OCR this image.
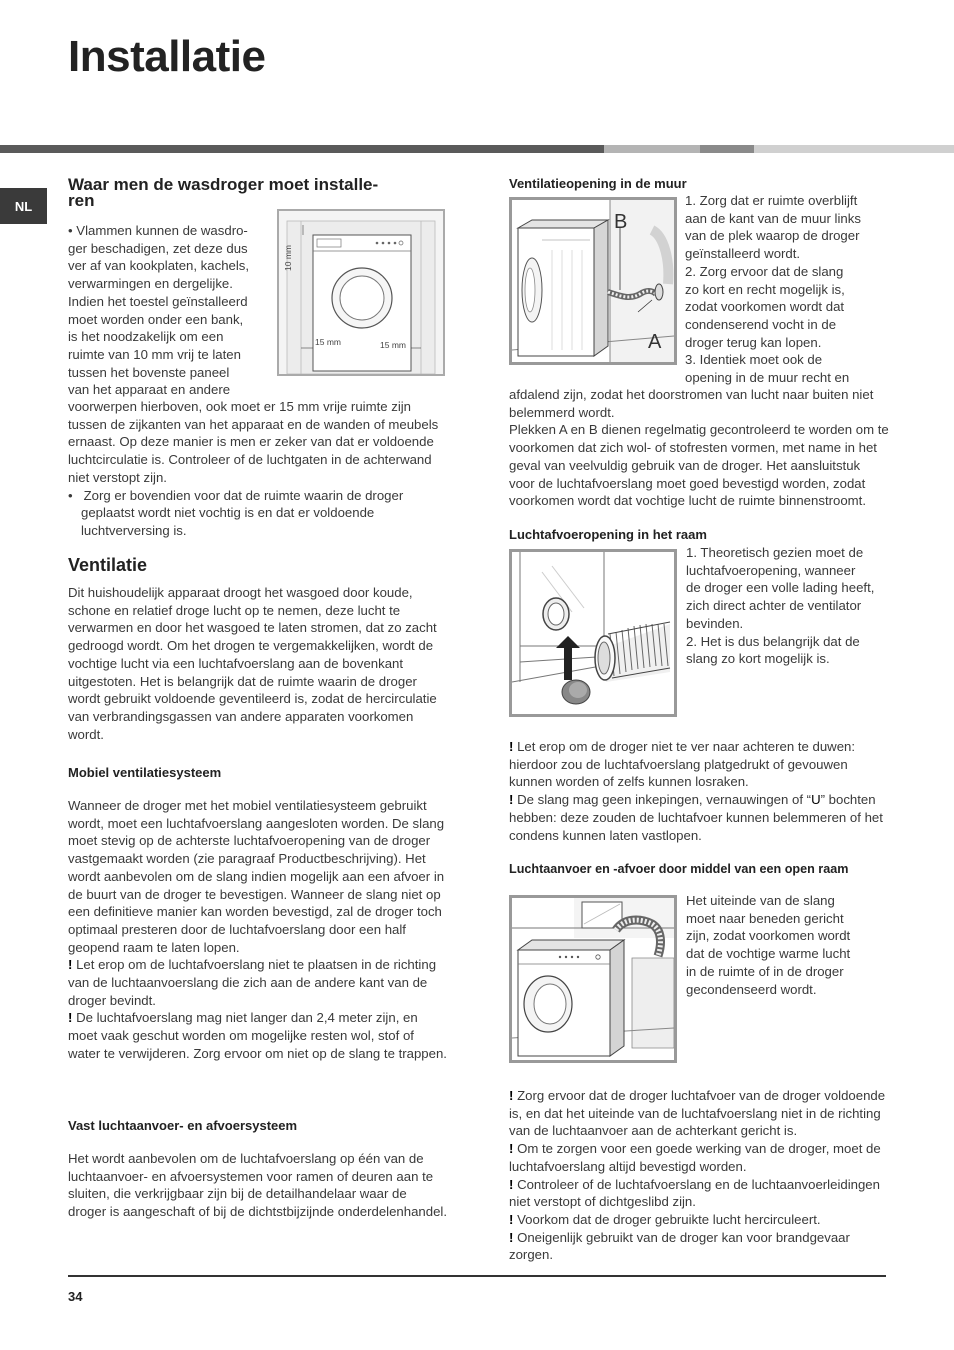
Installatie
NL

Waar men de wasdroger moet installe-
ren

• Vlammen kunnen de wasdro-

ger beschadigen, zet deze dus

ver af van kookplaten, kachels,

verwarmingen en dergelijke.

Indien het toestel geïnstalleerd

moet worden onder een bank,

is het noodzakelijk om een

ruimte van 10 mm vrij te laten

tussen het bovenste paneel

van het apparaat en andere

10 mm
15 mm	15 mm

voorwerpen hierboven, ook moet er 15 mm vrije ruimte zijn tussen de zijkanten van het apparaat en de wanden of meubels ernaast. Op deze manier is men er zeker van dat er voldoende luchtcirculatie is. Controleer of de luchtgaten in de achterwand niet verstopt zijn.

•   Zorg er bovendien voor dat de ruimte waarin de droger geplaatst wordt niet vochtig is en dat er voldoende luchtverversing is.

Ventilatie

Dit huishoudelijk apparaat droogt het wasgoed door koude, schone en relatief droge lucht op te nemen, deze lucht te verwarmen en door het wasgoed te laten stromen, dat zo zacht gedroogd wordt. Om het drogen te vergemakkelijken, wordt de vochtige lucht via een luchtafvoerslang aan de bovenkant uitgestoten. Het is belangrijk dat de ruimte waarin de droger wordt gebruikt voldoende geventileerd is, zodat de hercirculatie van verbrandingsgassen van andere apparaten voorkomen wordt.

Mobiel ventilatiesysteem

Wanneer de droger met het mobiel ventilatiesysteem gebruikt wordt, moet een luchtafvoerslang aangesloten worden. De slang moet stevig op de achterste luchtafvoeropening van de droger vastgemaakt worden (zie paragraaf Productbeschrijving). Het wordt aanbevolen om de slang indien mogelijk aan een afvoer in de buurt van de droger te bevestigen. Wanneer de slang niet op een definitieve manier kan worden bevestigd, zal de droger toch optimaal presteren door de luchtafvoerslang door een half geopend raam te laten lopen.

! Let erop om de luchtafvoerslang niet te plaatsen in de richting van de luchtaanvoerslang die zich aan de andere kant van de droger bevindt.

! De luchtafvoerslang mag niet langer dan 2,4 meter zijn, en moet vaak geschut worden om mogelijke resten wol, stof of water te verwijderen. Zorg ervoor om niet op de slang te trappen.

Vast luchtaanvoer- en afvoersysteem

Het wordt aanbevolen om de luchtafvoerslang op één van de luchtaanvoer- en afvoersystemen voor ramen of deuren aan te sluiten, die verkrijgbaar zijn bij de detailhandelaar waar de droger is aangeschaft of bij de dichtstbijzijnde onderdelenhandel.

Ventilatieopening in de muur

B
A

1. Zorg dat er ruimte overblijft

aan de kant van de muur links

van de plek waarop de droger

geïnstalleerd wordt.

2. Zorg ervoor dat de slang

zo kort en recht mogelijk is,

zodat voorkomen wordt dat

condenserend vocht in de

droger terug kan lopen.

3. Identiek moet ook de

opening in de muur recht en

afdalend zijn, zodat het doorstromen van lucht naar buiten niet belemmerd wordt.

Plekken A en B dienen regelmatig gecontroleerd te worden om te voorkomen dat zich wol- of stofresten vormen, met name in het geval van veelvuldig gebruik van de droger. Het aansluitstuk voor de luchtafvoerslang moet goed bevestigd worden, zodat voorkomen wordt dat vochtige lucht de ruimte binnenstroomt.

Luchtafvoeropening in het raam

1. Theoretisch gezien moet de

luchtafvoeropening, wanneer

de droger een volle lading heeft,

zich direct achter de ventilator

bevinden.

2. Het is dus belangrijk dat de

slang zo kort mogelijk is.

! Let erop om de droger niet te ver naar achteren te duwen: hierdoor zou de luchtafvoerslang platgedrukt of gevouwen kunnen worden of zelfs kunnen losraken.

! De slang mag geen inkepingen, vernauwingen of “U” bochten hebben: deze zouden de luchtafvoer kunnen belemmeren of het condens kunnen laten vastlopen.

Luchtaanvoer en -afvoer door middel van een open raam

Het uiteinde van de slang

moet naar beneden gericht

zijn, zodat voorkomen wordt

dat de vochtige warme lucht

in de ruimte of in de droger

gecondenseerd wordt.

! Zorg ervoor dat de droger luchtafvoer van de droger voldoende is, en dat het uiteinde van de luchtafvoerslang niet in de richting van de luchtaanvoer aan de achterkant gericht is.

! Om te zorgen voor een goede werking van de droger, moet de luchtafvoerslang altijd bevestigd worden.

! Controleer of de luchtafvoerslang en de luchtaanvoerleidingen niet verstopt of dichtgeslibd zijn.

! Voorkom dat de droger gebruikte lucht hercirculeert.

! Oneigenlijk gebruikt van de droger kan voor brandgevaar zorgen.

34
